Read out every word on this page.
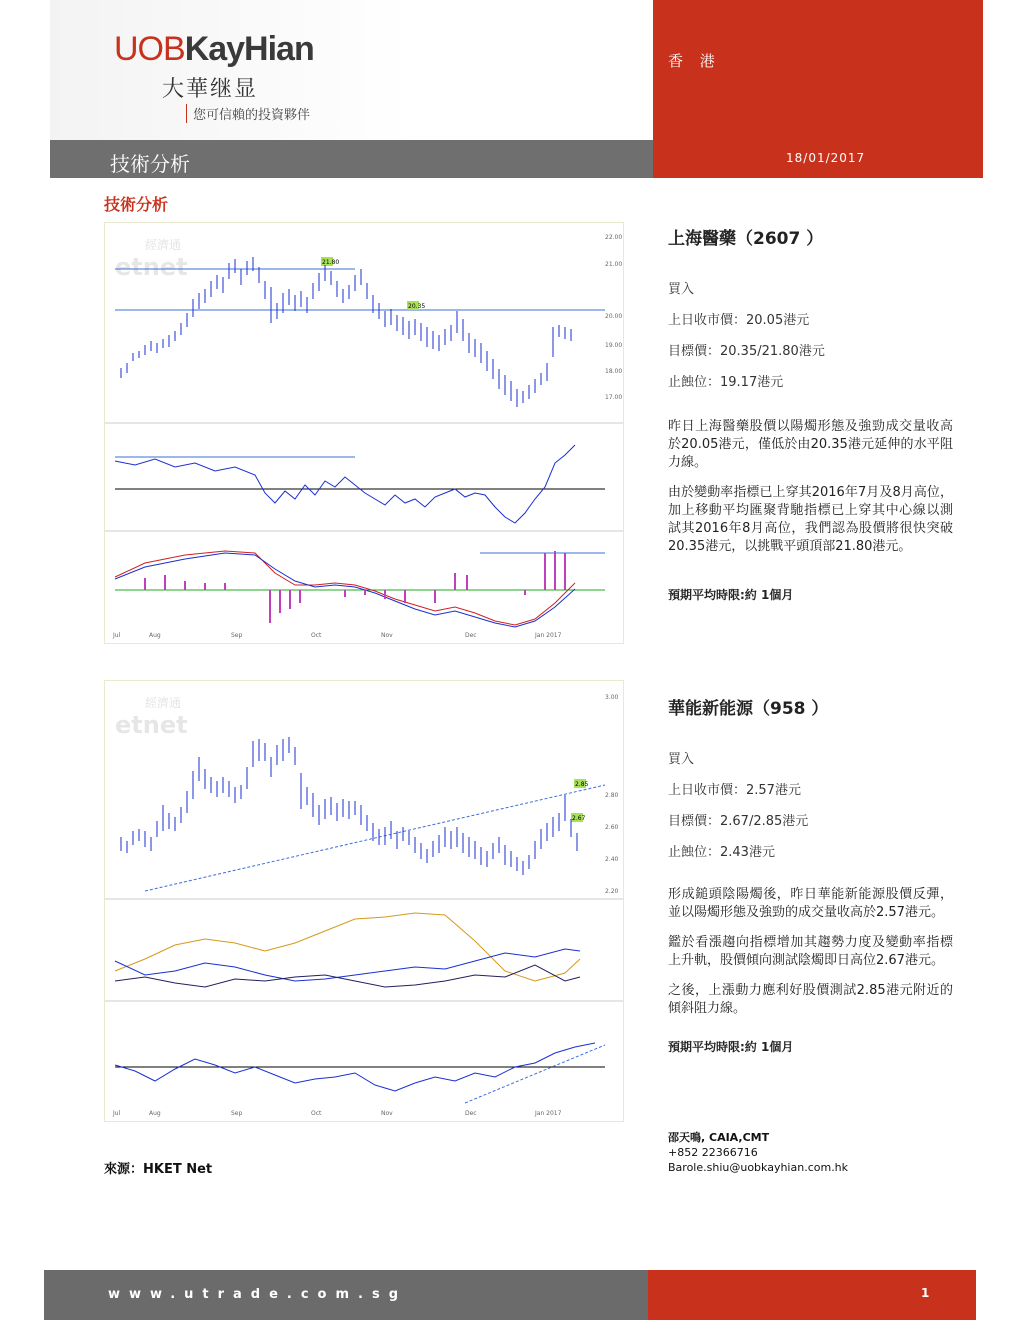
UOBKayHian
大華继显
您可信賴的投資夥伴
香 港
18/01/2017
技術分析
技術分析
經濟通
etnet	21.80
20.35
22.00
21.00
20.00
19.00
18.00
17.00
Jul	Aug	Sep	Oct	Nov	Dec	Jan 2017

上海醫藥（2607 ）

買入
上日收市價：20.05港元
目標價：20.35/21.80港元
止蝕位：19.17港元
昨日上海醫藥股價以陽燭形態及強勁成交量收高於20.05港元，僅低於由20.35港元延伸的水平阻力線。
由於變動率指標已上穿其2016年7月及8月高位，加上移動平均匯聚背馳指標已上穿其中心線以測試其2016年8月高位，我們認為股價將很快突破20.35港元，以挑戰平頭頂部21.80港元。
預期平均時限:約 1個月
經濟通
etnet
2.85
2.67
3.00
2.80
2.60
2.40
2.20
Jul	Aug	Sep	Oct	Nov	Dec	Jan 2017

華能新能源（958 ）

買入
上日收市價：2.57港元
目標價：2.67/2.85港元
止蝕位：2.43港元
形成鎚頭陰陽燭後，昨日華能新能源股價反彈，並以陽燭形態及強勁的成交量收高於2.57港元。
鑑於看漲趨向指標增加其趨勢力度及變動率指標上升軌，股價傾向測試陰燭即日高位2.67港元。
之後，上漲動力應利好股價測試2.85港元附近的傾斜阻力線。
預期平均時限:約 1個月
來源：HKET Net
邵天鳴, CAIA,CMT
+852 22366716
Barole.shiu@uobkayhian.com.hk
www.utrade.com.sg	1
